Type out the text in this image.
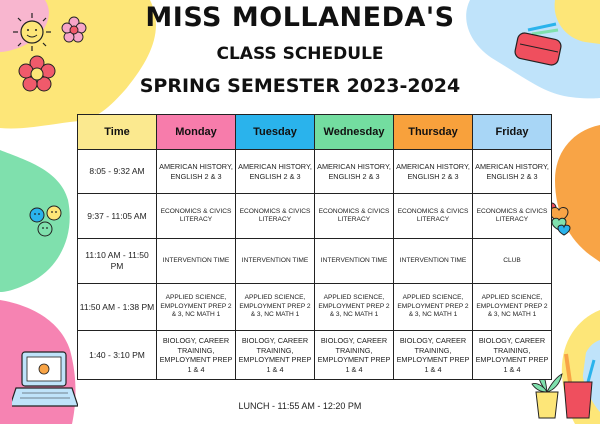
MISS MOLLANEDA'S
CLASS SCHEDULE
SPRING SEMESTER 2023-2024
Time	Monday	Tuesday	Wednesday	Thursday	Friday
8:05 - 9:32 AM	AMERICAN HISTORY, ENGLISH 2 & 3	AMERICAN HISTORY, ENGLISH 2 & 3	AMERICAN HISTORY, ENGLISH 2 & 3	AMERICAN HISTORY, ENGLISH 2 & 3	AMERICAN HISTORY, ENGLISH 2 & 3
9:37 - 11:05 AM	ECONOMICS & CIVICS LITERACY	ECONOMICS & CIVICS LITERACY	ECONOMICS & CIVICS LITERACY	ECONOMICS & CIVICS LITERACY	ECONOMICS & CIVICS LITERACY
11:10 AM - 11:50 PM	INTERVENTION TIME	INTERVENTION TIME	INTERVENTION TIME	INTERVENTION TIME	CLUB
11:50 AM - 1:38 PM	APPLIED SCIENCE, EMPLOYMENT PREP 2 & 3, NC MATH 1	APPLIED SCIENCE, EMPLOYMENT PREP 2 & 3, NC MATH 1	APPLIED SCIENCE, EMPLOYMENT PREP 2 & 3, NC MATH 1	APPLIED SCIENCE, EMPLOYMENT PREP 2 & 3, NC MATH 1	APPLIED SCIENCE, EMPLOYMENT PREP 2 & 3, NC MATH 1
1:40 - 3:10 PM	BIOLOGY, CAREER TRAINING, EMPLOYMENT PREP 1 & 4	BIOLOGY, CAREER TRAINING, EMPLOYMENT PREP 1 & 4	BIOLOGY, CAREER TRAINING, EMPLOYMENT PREP 1 & 4	BIOLOGY, CAREER TRAINING, EMPLOYMENT PREP 1 & 4	BIOLOGY, CAREER TRAINING, EMPLOYMENT PREP 1 & 4
LUNCH - 11:55 AM - 12:20 PM
